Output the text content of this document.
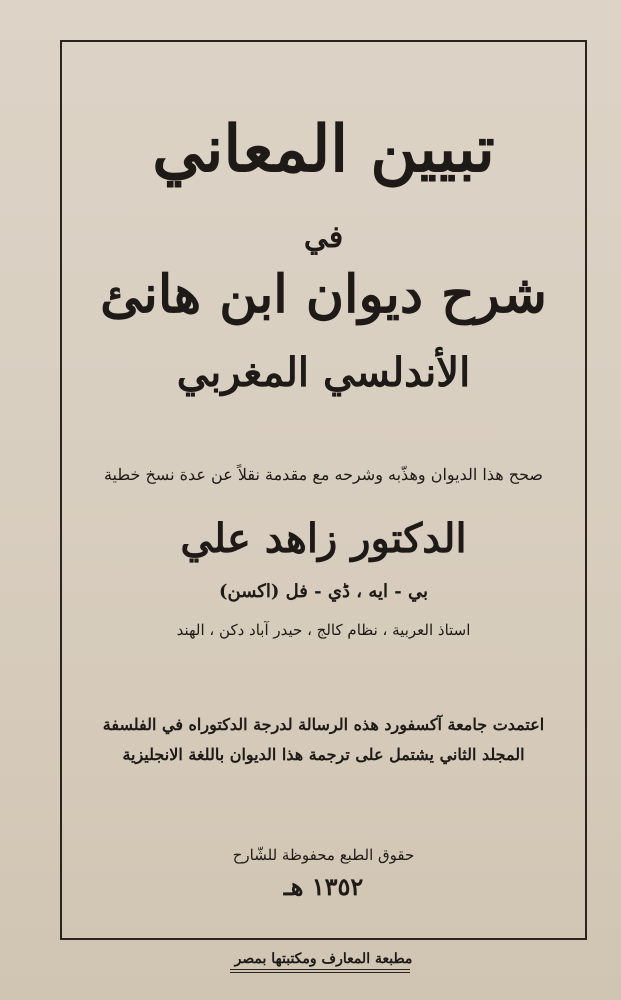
تبيين المعاني
في
شرح ديوان ابن هانئ
الأندلسي المغربي
صحح هذا الديوان وهذّبه وشرحه مع مقدمة نقلاً عن عدة نسخ خطية
الدكتور زاهد علي
بي - ايه ، ڈي - فل (اكسن)
استاذ العربية ، نظام كالج ، حيدر آباد دكن ، الهند
اعتمدت جامعة آكسفورد هذه الرسالة لدرجة الدكتوراه في الفلسفة
المجلد الثاني يشتمل على ترجمة هذا الديوان باللغة الانجليزية
حقوق الطبع محفوظة للشّارح
١٣٥٢ هـ
مطبعة المعارف ومكتبتها بمصر
